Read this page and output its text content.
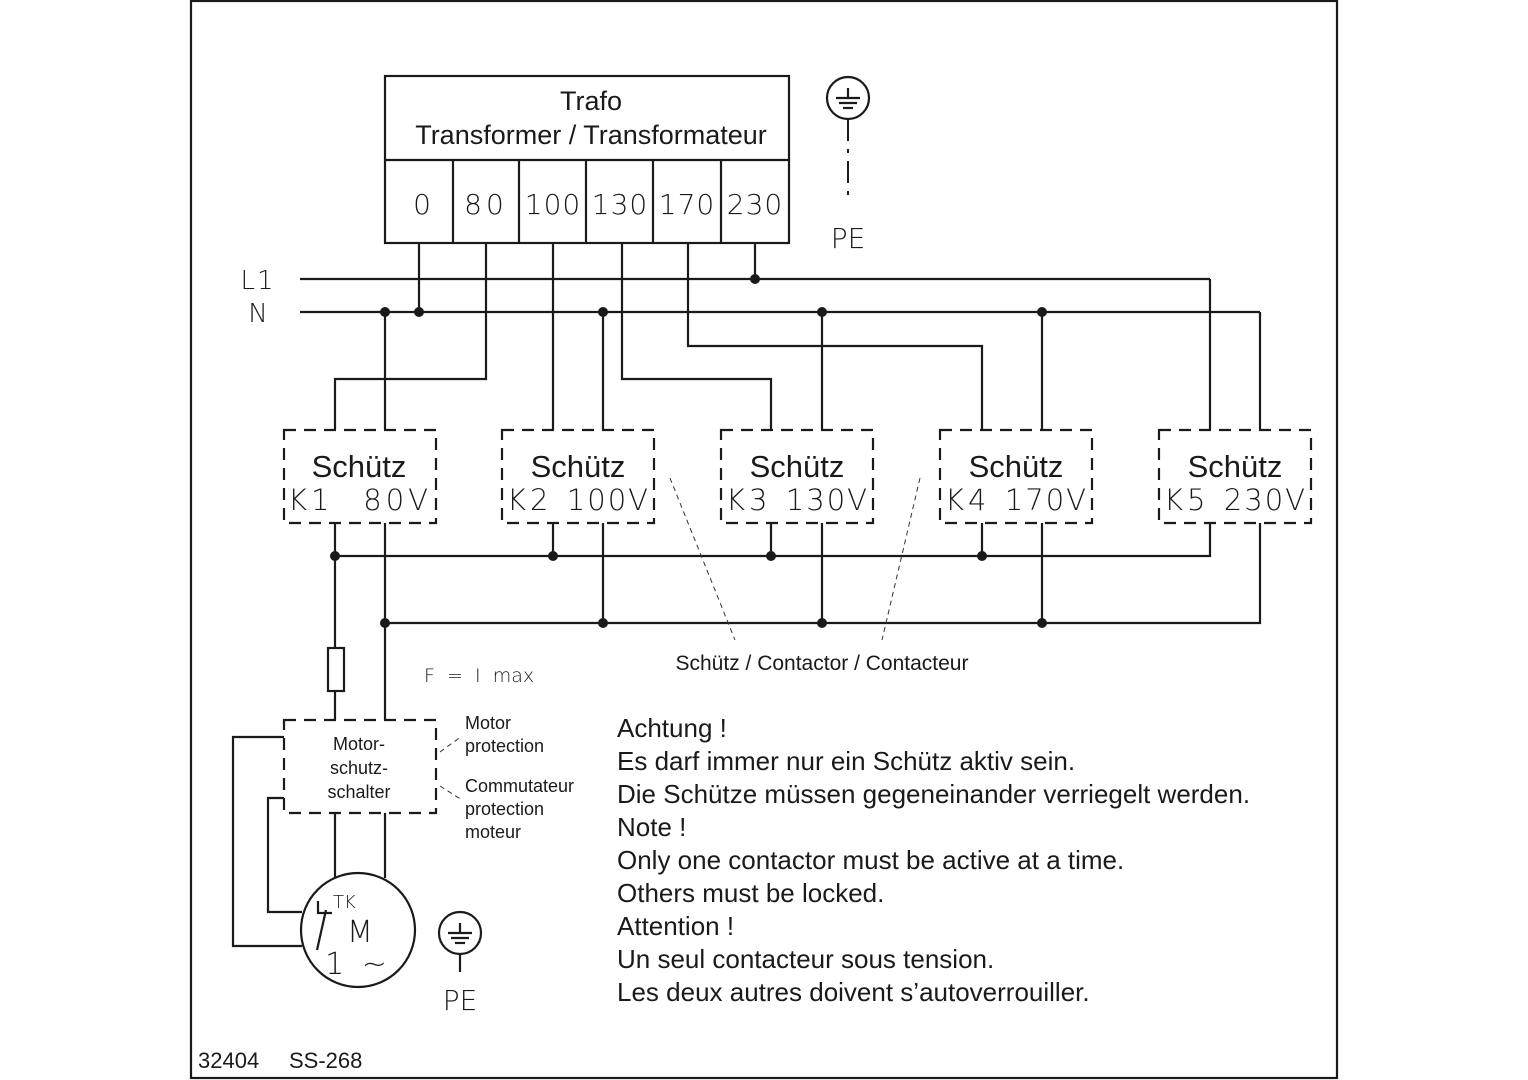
Trafo
Transformer / Transformateur
0 80 100 130 170 230
PE
L1
N
Schütz
K1 80V
Schütz
K2 100V
Schütz
K3 130V
Schütz
K4 170V
Schütz
K5 230V
Schütz / Contactor / Contacteur
F  =  I  max
Motor-
schutz-
schalter
Motor
protection
Commutateur
protection
moteur
TK
M
1 ~
PE
Achtung !
Es darf immer nur ein Schütz aktiv sein.
Die Schütze müssen gegeneinander verriegelt werden.
Note !
Only one contactor must be active at a time.
Others must be locked.
Attention !
Un seul contacteur sous tension.
Les deux autres doivent s’autoverrouiller.
32404 SS-268
